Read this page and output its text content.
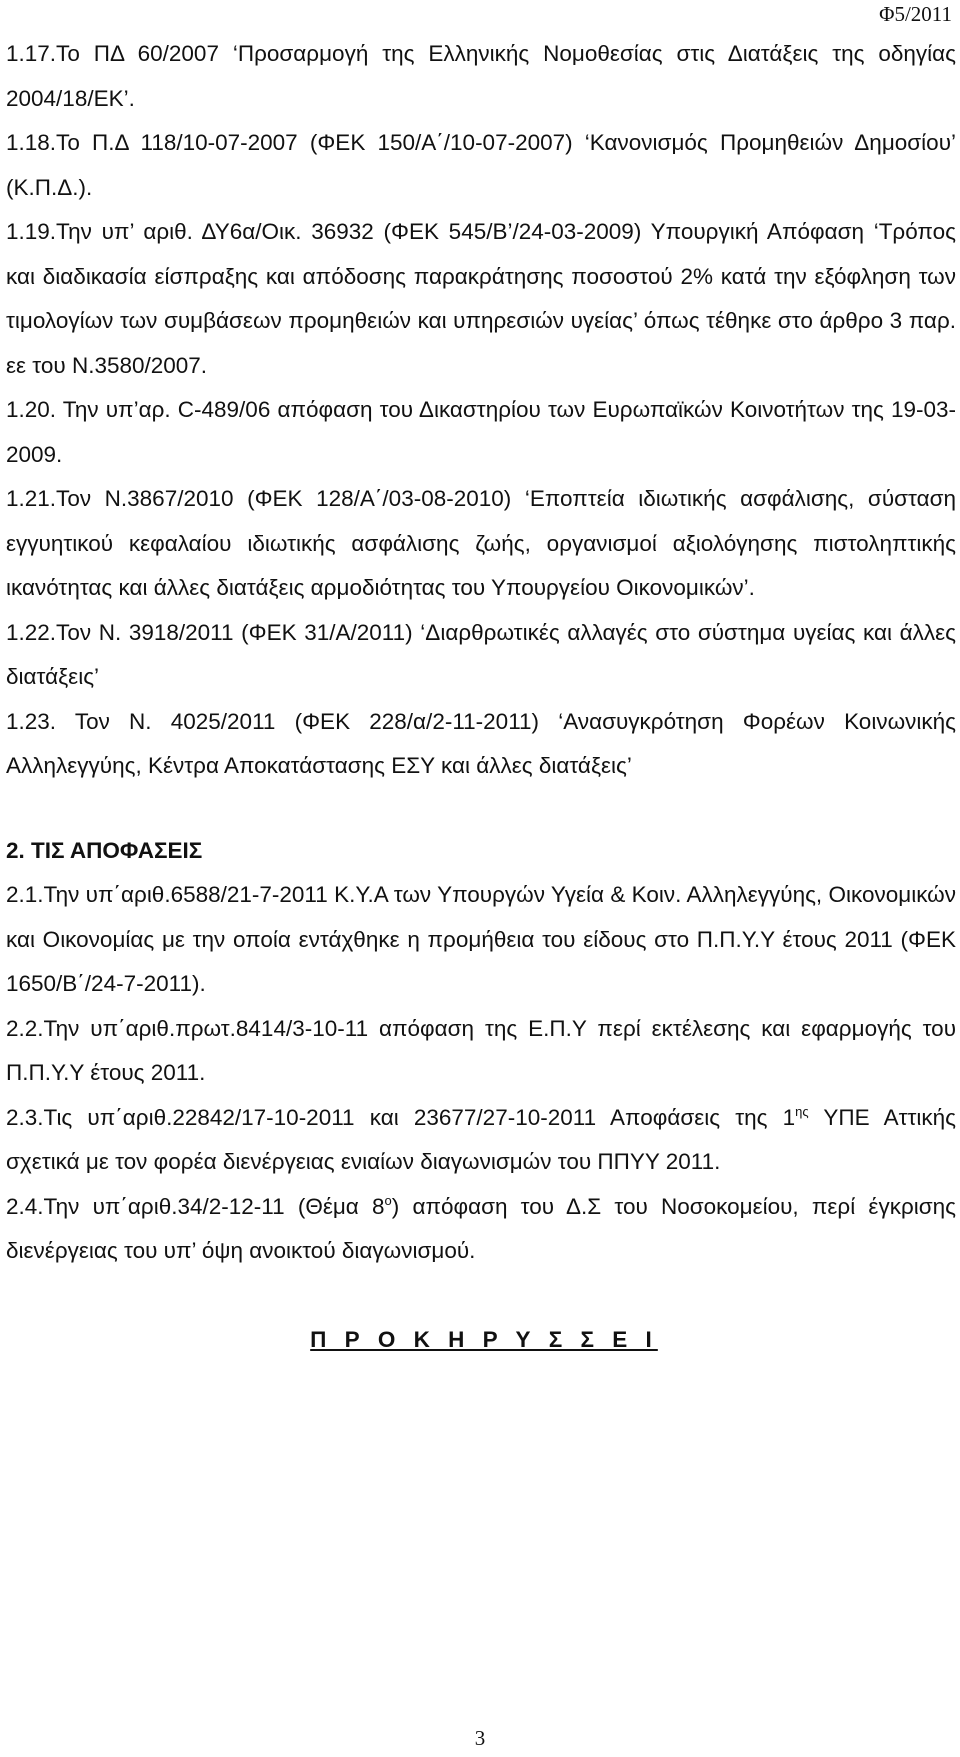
Φ5/2011

1.17.Το ΠΔ 60/2007 ‘Προσαρμογή της Ελληνικής Νομοθεσίας στις Διατάξεις της οδηγίας 2004/18/ΕΚ’.

1.18.Το Π.Δ 118/10-07-2007 (ΦΕΚ 150/Α΄/10-07-2007) ‘Κανονισμός Προμηθειών Δημοσίου’ (Κ.Π.Δ.).

1.19.Την υπ’ αριθ. ΔΥ6α/Οικ. 36932 (ΦΕΚ 545/Β’/24-03-2009) Υπουργική Απόφαση ‘Τρόπος και διαδικασία είσπραξης και απόδοσης παρακράτησης ποσοστού 2% κατά την εξόφληση των τιμολογίων των συμβάσεων προμηθειών και υπηρεσιών υγείας’ όπως τέθηκε στο άρθρο 3 παρ. εε του Ν.3580/2007.

1.20. Την υπ’αρ. C-489/06 απόφαση του Δικαστηρίου των Ευρωπαϊκών Κοινοτήτων της 19-03-2009.

1.21.Τον Ν.3867/2010 (ΦΕΚ 128/Α΄/03-08-2010) ‘Εποπτεία ιδιωτικής ασφάλισης, σύσταση εγγυητικού κεφαλαίου ιδιωτικής ασφάλισης ζωής, οργανισμοί αξιολόγησης πιστοληπτικής ικανότητας και άλλες διατάξεις αρμοδιότητας του Υπουργείου Οικονομικών’.

1.22.Τον Ν. 3918/2011 (ΦΕΚ 31/Α/2011) ‘Διαρθρωτικές αλλαγές στο σύστημα υγείας και άλλες διατάξεις’

1.23. Τον Ν. 4025/2011 (ΦΕΚ 228/α/2-11-2011) ‘Ανασυγκρότηση Φορέων Κοινωνικής Αλληλεγγύης, Κέντρα Αποκατάστασης ΕΣΥ και άλλες διατάξεις’

2. ΤΙΣ ΑΠΟΦΑΣΕΙΣ

2.1.Την υπ΄αριθ.6588/21-7-2011 Κ.Υ.Α των Υπουργών Υγεία & Κοιν. Αλληλεγγύης, Οικονομικών και Οικονομίας με την οποία εντάχθηκε η προμήθεια του είδους στο Π.Π.Υ.Υ έτους 2011 (ΦΕΚ 1650/Β΄/24-7-2011).

2.2.Την υπ΄αριθ.πρωτ.8414/3-10-11 απόφαση της Ε.Π.Υ περί εκτέλεσης και εφαρμογής του Π.Π.Υ.Υ έτους 2011.

2.3.Τις υπ΄αριθ.22842/17-10-2011 και 23677/27-10-2011 Αποφάσεις της $1^{\eta\varsigma}$ ΥΠΕ Αττικής σχετικά με τον φορέα διενέργειας ενιαίων διαγωνισμών του ΠΠΥΥ 2011.

2.4.Την υπ΄αριθ.34/2-12-11 (Θέμα $8^o$) απόφαση του Δ.Σ του Νοσοκομείου, περί έγκρισης διενέργειας του υπ’ όψη ανοικτού διαγωνισμού.

Π Ρ Ο Κ Η Ρ Υ Σ Σ Ε Ι

3
